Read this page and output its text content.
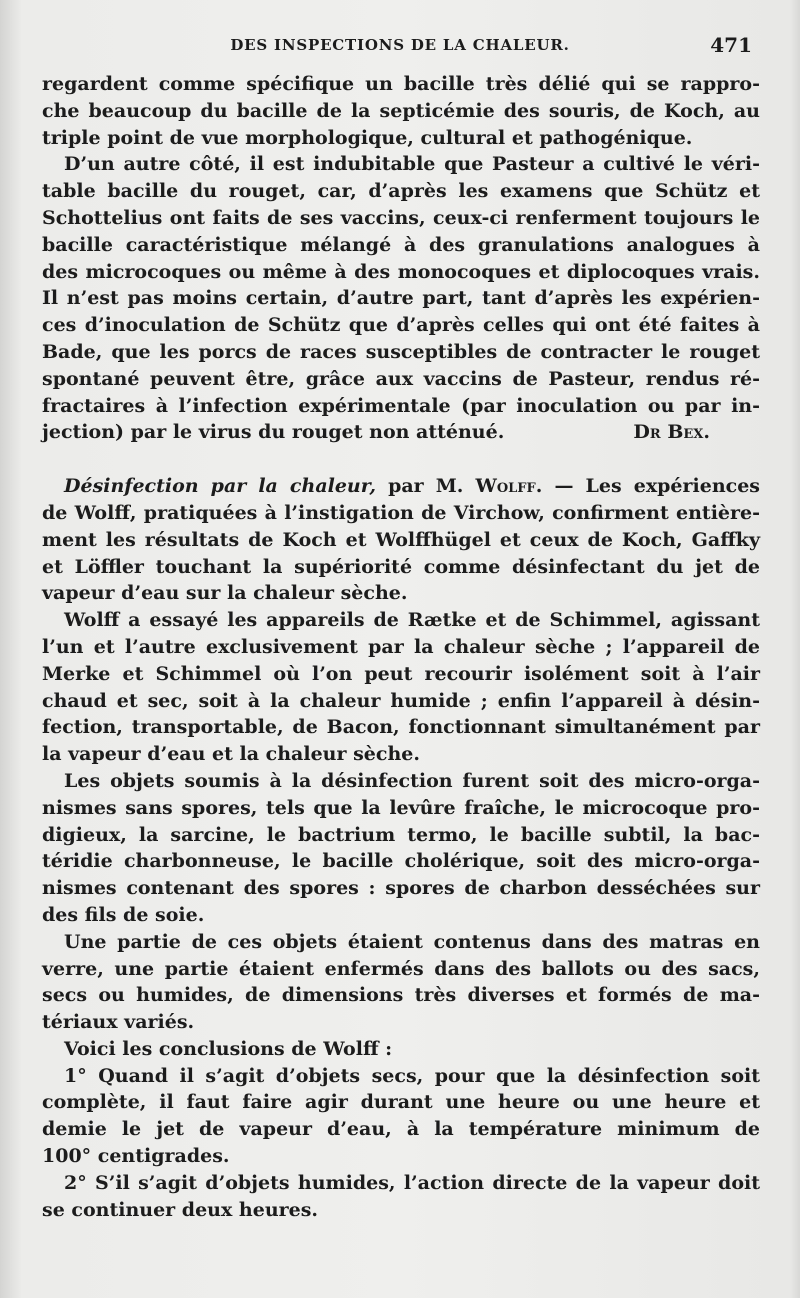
DES INSPECTIONS DE LA CHALEUR.	471
regardent comme spécifique un bacille très délié qui se rappro-
che beaucoup du bacille de la septicémie des souris, de Koch, au
triple point de vue morphologique, cultural et pathogénique.
D’un autre côté, il est indubitable que Pasteur a cultivé le véri-
table bacille du rouget, car, d’après les examens que Schütz et
Schottelius ont faits de ses vaccins, ceux-ci renferment toujours le
bacille caractéristique mélangé à des granulations analogues à
des microcoques ou même à des monocoques et diplocoques vrais.
Il n’est pas moins certain, d’autre part, tant d’après les expérien-
ces d’inoculation de Schütz que d’après celles qui ont été faites à
Bade, que les porcs de races susceptibles de contracter le rouget
spontané peuvent être, grâce aux vaccins de Pasteur, rendus ré-
fractaires à l’infection expérimentale (par inoculation ou par in-
jection) par le virus du rouget non atténué.	Dr Bex.
Désinfection par la chaleur, par M. Wolff. — Les expériences
de Wolff, pratiquées à l’instigation de Virchow, confirment entière-
ment les résultats de Koch et Wolffhügel et ceux de Koch, Gaffky
et Löffler touchant la supériorité comme désinfectant du jet de
vapeur d’eau sur la chaleur sèche.
Wolff a essayé les appareils de Rætke et de Schimmel, agissant
l’un et l’autre exclusivement par la chaleur sèche ; l’appareil de
Merke et Schimmel où l’on peut recourir isolément soit à l’air
chaud et sec, soit à la chaleur humide ; enfin l’appareil à désin-
fection, transportable, de Bacon, fonctionnant simultanément par
la vapeur d’eau et la chaleur sèche.
Les objets soumis à la désinfection furent soit des micro-orga-
nismes sans spores, tels que la levûre fraîche, le microcoque pro-
digieux, la sarcine, le bactrium termo, le bacille subtil, la bac-
téridie charbonneuse, le bacille cholérique, soit des micro-orga-
nismes contenant des spores : spores de charbon desséchées sur
des fils de soie.
Une partie de ces objets étaient contenus dans des matras en
verre, une partie étaient enfermés dans des ballots ou des sacs,
secs ou humides, de dimensions très diverses et formés de ma-
tériaux variés.
Voici les conclusions de Wolff :
1° Quand il s’agit d’objets secs, pour que la désinfection soit
complète, il faut faire agir durant une heure ou une heure et
demie le jet de vapeur d’eau, à la température minimum de
100° centigrades.
2° S’il s’agit d’objets humides, l’action directe de la vapeur doit
se continuer deux heures.
